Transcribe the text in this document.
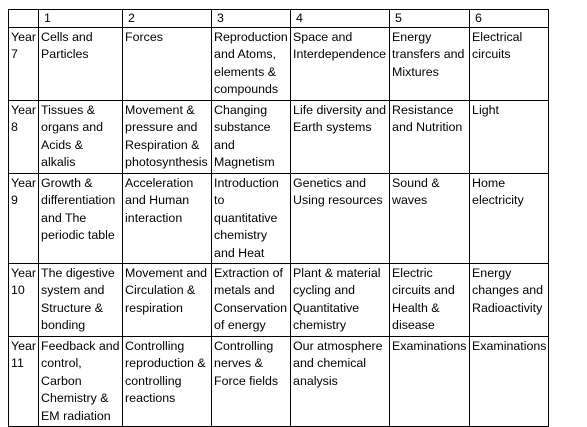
	1	2	3	4	5	6
Year 7	Cells and Particles	Forces	Reproduction and Atoms, elements & compounds	Space and Interdependence	Energy transfers and Mixtures	Electrical circuits
Year 8	Tissues & organs and Acids & alkalis	Movement & pressure and Respiration & photosynthesis	Changing substance and Magnetism	Life diversity and Earth systems	Resistance and Nutrition	Light
Year 9	Growth & differentiation and The periodic table	Acceleration and Human interaction	Introduction to quantitative chemistry and Heat	Genetics and Using resources	Sound & waves	Home electricity
Year 10	The digestive system and Structure & bonding	Movement and Circulation & respiration	Extraction of metals and Conservation of energy	Plant & material cycling and Quantitative chemistry	Electric circuits and Health & disease	Energy changes and Radioactivity
Year 11	Feedback and control, Carbon Chemistry & EM radiation	Controlling reproduction & controlling reactions	Controlling nerves & Force fields	Our atmosphere and chemical analysis	Examinations	Examinations
